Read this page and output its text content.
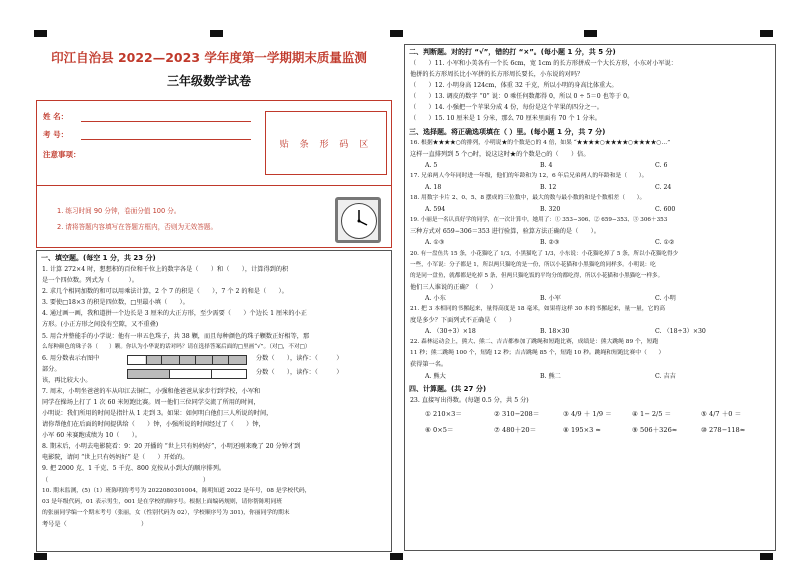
印江自治县 2022—2023 学年度第一学期期末质量监测
三年级数学试卷
姓 名：
考 号：
贴 条 形 码 区
注意事项：
1. 练习时间 90 分钟，卷面分值 100 分。
2. 请将答题内容填写在答题方框内，否则为无效答题。
一、填空题。(每空 1 分，共 23 分)
1. 计算 272×4 时，想想积的百位和千位上的数字各是（　　）和（　　），计算得到的积
是一个四位数。列式为（　　　）。
2. 求几个相同加数的和可以用乘法计算，2 个 7 的积是（　　），7 个 2 的和是（　　）。
3. 要使□18×3 的积是四位数，□里最小填（　　）。
4. 通过画一画，我和道拼一个边长是 3 厘米的大正方形，至少需要（　　）个边长 1 厘米的小正
方形。(小正方形之间没有空隙，又不重叠)
5. 用合并整能手的小学说：他有一串五色珠子，共 38 颗，而且每种颜色的珠子颗数正好相等，那
么每种颜色的珠子各（　　）颗。你认为小华说的话对吗？请在选择答案后面的□里画“√”。（对□，不对□）
6. 用分数表示右图中
部分。
该，再比较大小。
分数（　　），读作：（　　　）
分数（　　），读作：（　　　）
7. 周末，小明坐爸爸的车从印江去铜仁，小强和他爸爸从家步行到学校，小军和
同学在操场上打了 1 次 60 米短跑比赛。周一他们三位同学交流了所用的时间，
小明说：我们所用的时间是指针从 1 走到 3。如果：如何明白他们三人所说的时间，
请你帮他们在后面的时间提供给（　　）钟，小强所说的时间经过了（　　）钟，
小军 60 米赛跑成绩为 10（　　）。
8. 期末后，小明去电影院看：9：20 开播的 “世上只有妈妈好”，小明还刚来晚了 20 分钟才到
电影院，请问 “世上只有妈妈好” 是（　　）开始的。
9. 把 2000 克、1 千克、5 千克、800 克按从小到大的顺序排列。
（　　　　　　　　　　　　　　　　　　　　　　　　　）
10. 期末监测，(5)（1）班陈明的考号为 2022080301004，陈明知道 2022 是年号，08 是学校代码，
03 是年级代码，01 表示男生，001 是在学校的顺序号。根据上面编码规则，请你帮陈明同班
的张丽同学编一个期末考号（张丽，女（性别代码为 02），学校顺序号为 301)，你丽同学的期末
考号是（　　　　　　　　　　　　）
二、判断题。对的打 “√”，错的打 “×”。(每小题 1 分，共 5 分)
（　　）11. 小军和小美各有一个长 6cm，宽 1cm 的长方形拼成一个大长方形，小东对小军说：
他拼的长方形周长比小军拼的长方形周长要长，小东说的对吗？
（　　）12. 小明身高 124cm，体重 32 千克，所以小明的身高比体重大。
（　　）13. 调皮的数字 “0” 说：0 乘任何数都得 0，所以 0 ÷ 5＝0 也等于 0。
（　　）14. 小强把一个苹果分成 4 份，每份是这个苹果的四分之一。
（　　）15. 10 厘米是 1 分米，那么 70 厘米里面有 70 个 1 分米。
三、选择题。将正确选项填在（ ）里。(每小题 1 分，共 7 分)
16. 根据★★★★○的排列，小明说★的个数是○的 4 倍，如果 “★★★★○★★★★○★★★★○…”
这样一直排列到 5 个○时，说这这时★的个数是○的（　　）倍。
A. 5	B. 4	C. 6
17. 兄弟两人今年同时进一年级，他们的年龄和为 12，6 年后兄弟两人的年龄和是（　　）。
A. 18	B. 12	C. 24
18. 用数字卡片 2、0、5、8 摆成的三位数中，最大的数与最小数的和是个数相差（　　）。
A. 594	B. 320	C. 600
19. 小丽是一名认真好学的同学，在一次计算中，她用了：① 353−306、② 659−353、③ 306＋353
三种方式对 659−306＝353 进行验算，验算方法正确的是（　　）。
A. ①③	B. ②③	C. ①②
20. 有一盘鱼共 15 条，小花猫吃了 1/3，小黑猫吃了 1/3，小东说：小花猫吃掉了 5 条，所以小花猫吃得少
一些，小军说：分子都是 1，所以两只猫吃的是一份，所以小花猫和小黑猫吃的同样多。小明说：吃
的是同一盘鱼，就都都是吃掉 5 条，但两只猫吃饭的平均分的都吃得，所以小花猫和小黑猫吃一样多。
他们三人谁说的正确？（　　）
A. 小东	B. 小军	C. 小明
21. 把 3 本相同的书摞起来，量得高度是 18 毫米，如果将这样 30 本的书摞起来，量一量，它的高
度是多少？下面列式不正确是（　　）
A. （30÷3）×18	B. 18×30	C. （18÷3）×30
22. 森林运动会上，熊大、熊二、吉吉都参加了跳绳和短跑比赛，成绩是：熊大跳绳 89 个，短跑
11 秒；熊二跳绳 100 个，短跑 12 秒；吉吉跳绳 85 个，短跑 10 秒。跳绳和短跑比赛中（　　）
获得第一名。
A. 熊大	B. 熊二	C. 吉吉
四、计算题。(共 27 分)
23. 直接写出得数。(每题 0.5 分，共 5 分)
① 210×3＝	② 310−208＝	③ 4/9 ＋ 1/9 ＝	④ 1− 2/5 ＝	⑤ 4/7 ＋0 ＝
⑥ 0×5＝	⑦ 480＋20＝	⑧ 195×3 ≈	⑨ 506＋326≈	⑩ 278−118≈
